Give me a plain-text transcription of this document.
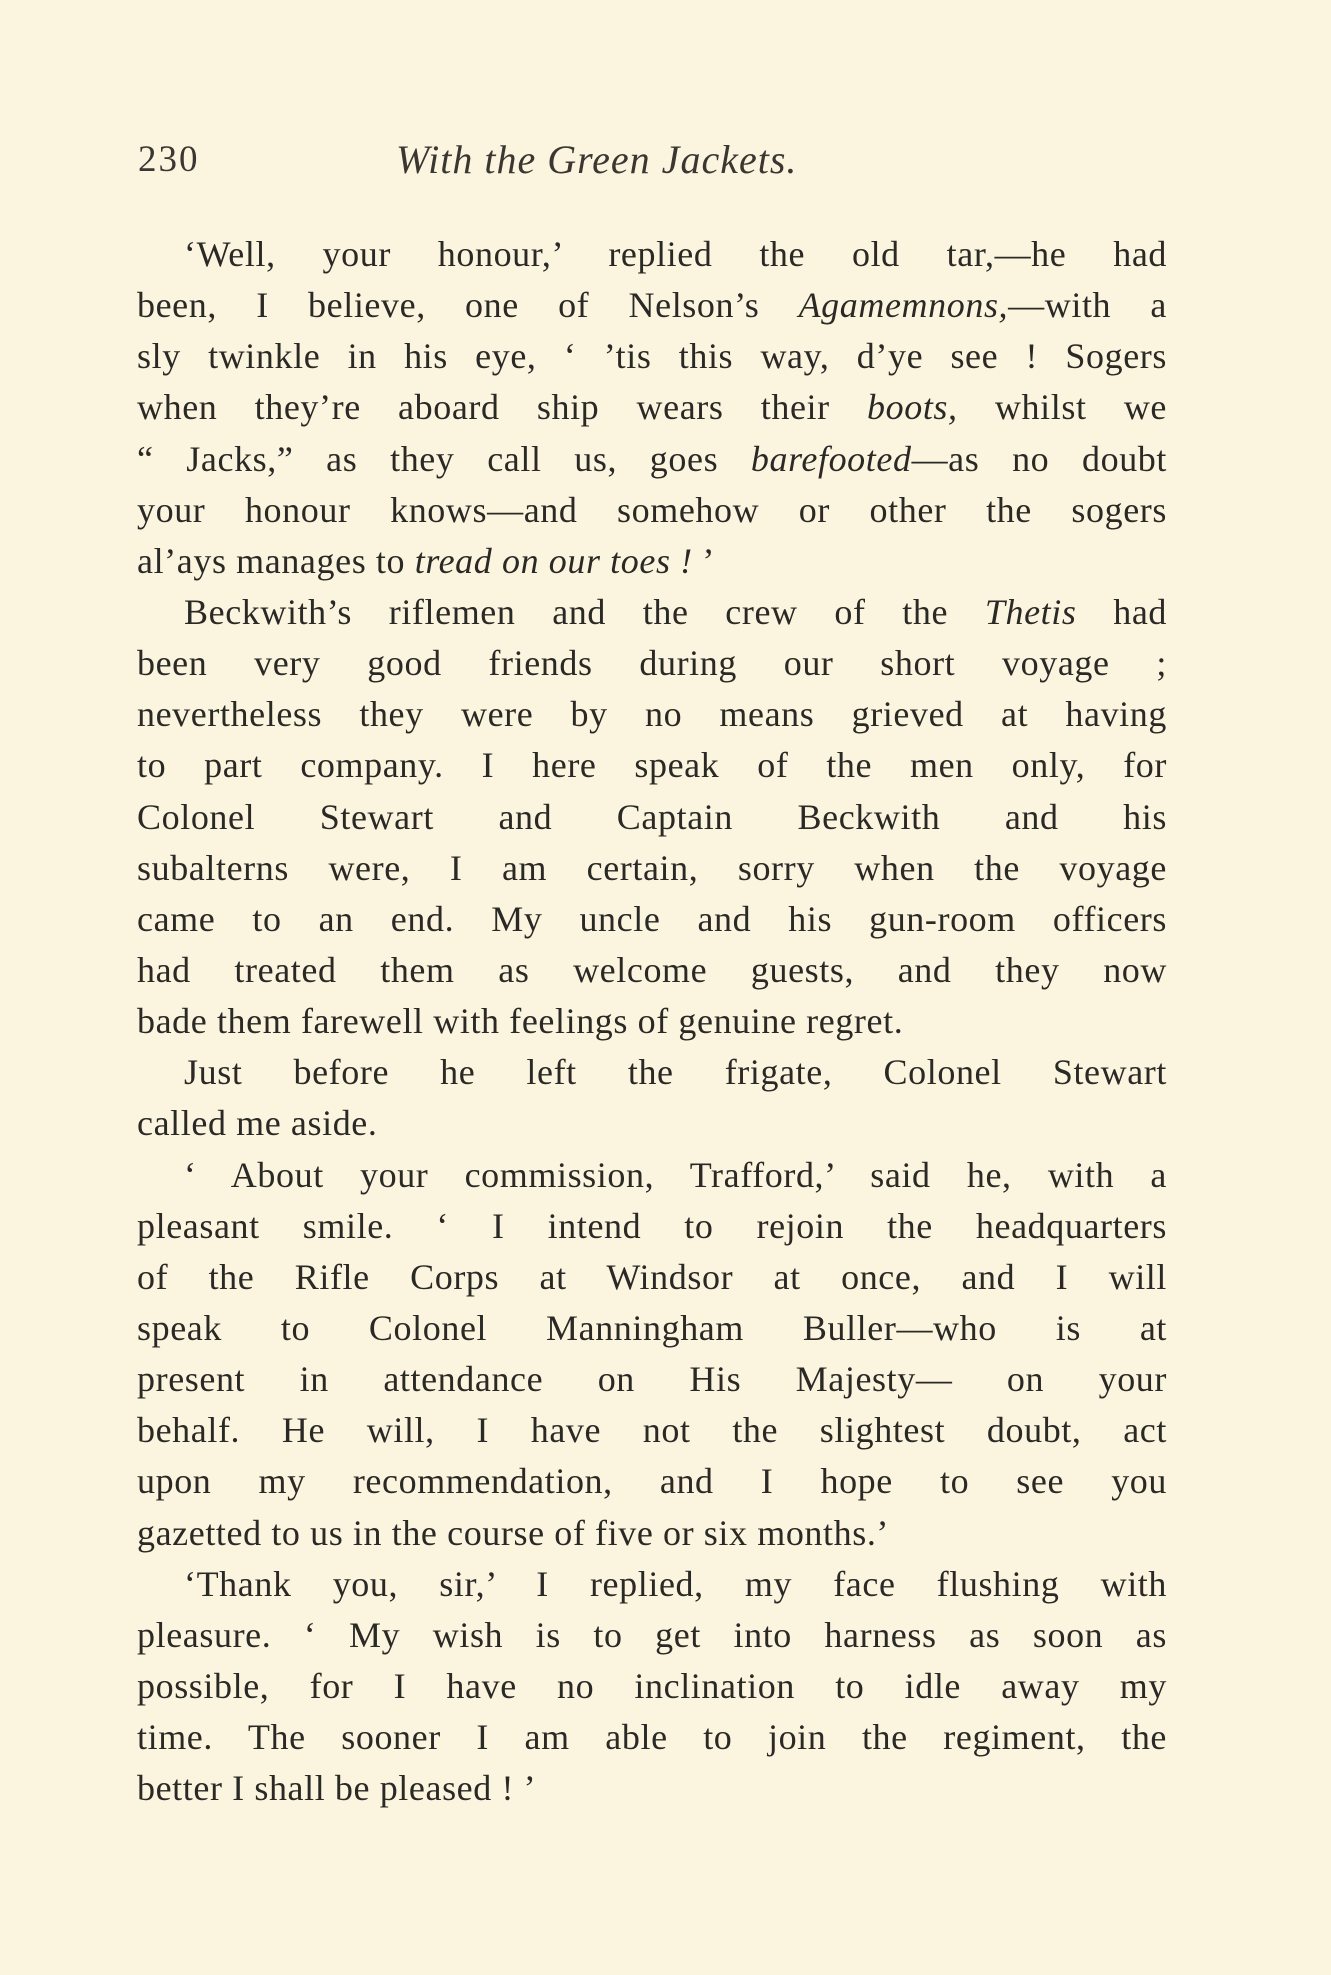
230	With the Green Jackets.
‘Well, your honour,’ replied the old tar,—he had
been, I believe, one of Nelson’s Agamemnons,—with a
sly twinkle in his eye, ‘ ’tis this way, d’ye see ! Sogers
when they’re aboard ship wears their boots, whilst we
“ Jacks,” as they call us, goes barefooted—as no doubt
your honour knows—and somehow or other the sogers
al’ays manages to tread on our toes ! ’
Beckwith’s riflemen and the crew of the Thetis had
been very good friends during our short voyage ;
nevertheless they were by no means grieved at having
to part company. I here speak of the men only, for
Colonel Stewart and Captain Beckwith and his
subalterns were, I am certain, sorry when the voyage
came to an end. My uncle and his gun-room officers
had treated them as welcome guests, and they now
bade them farewell with feelings of genuine regret.
Just before he left the frigate, Colonel Stewart
called me aside.
‘ About your commission, Trafford,’ said he, with a
pleasant smile. ‘ I intend to rejoin the headquarters
of the Rifle Corps at Windsor at once, and I will
speak to Colonel Manningham Buller—who is at
present in attendance on His Majesty— on your
behalf. He will, I have not the slightest doubt, act
upon my recommendation, and I hope to see you
gazetted to us in the course of five or six months.’
‘Thank you, sir,’ I replied, my face flushing with
pleasure. ‘ My wish is to get into harness as soon as
possible, for I have no inclination to idle away my
time. The sooner I am able to join the regiment, the
better I shall be pleased ! ’
